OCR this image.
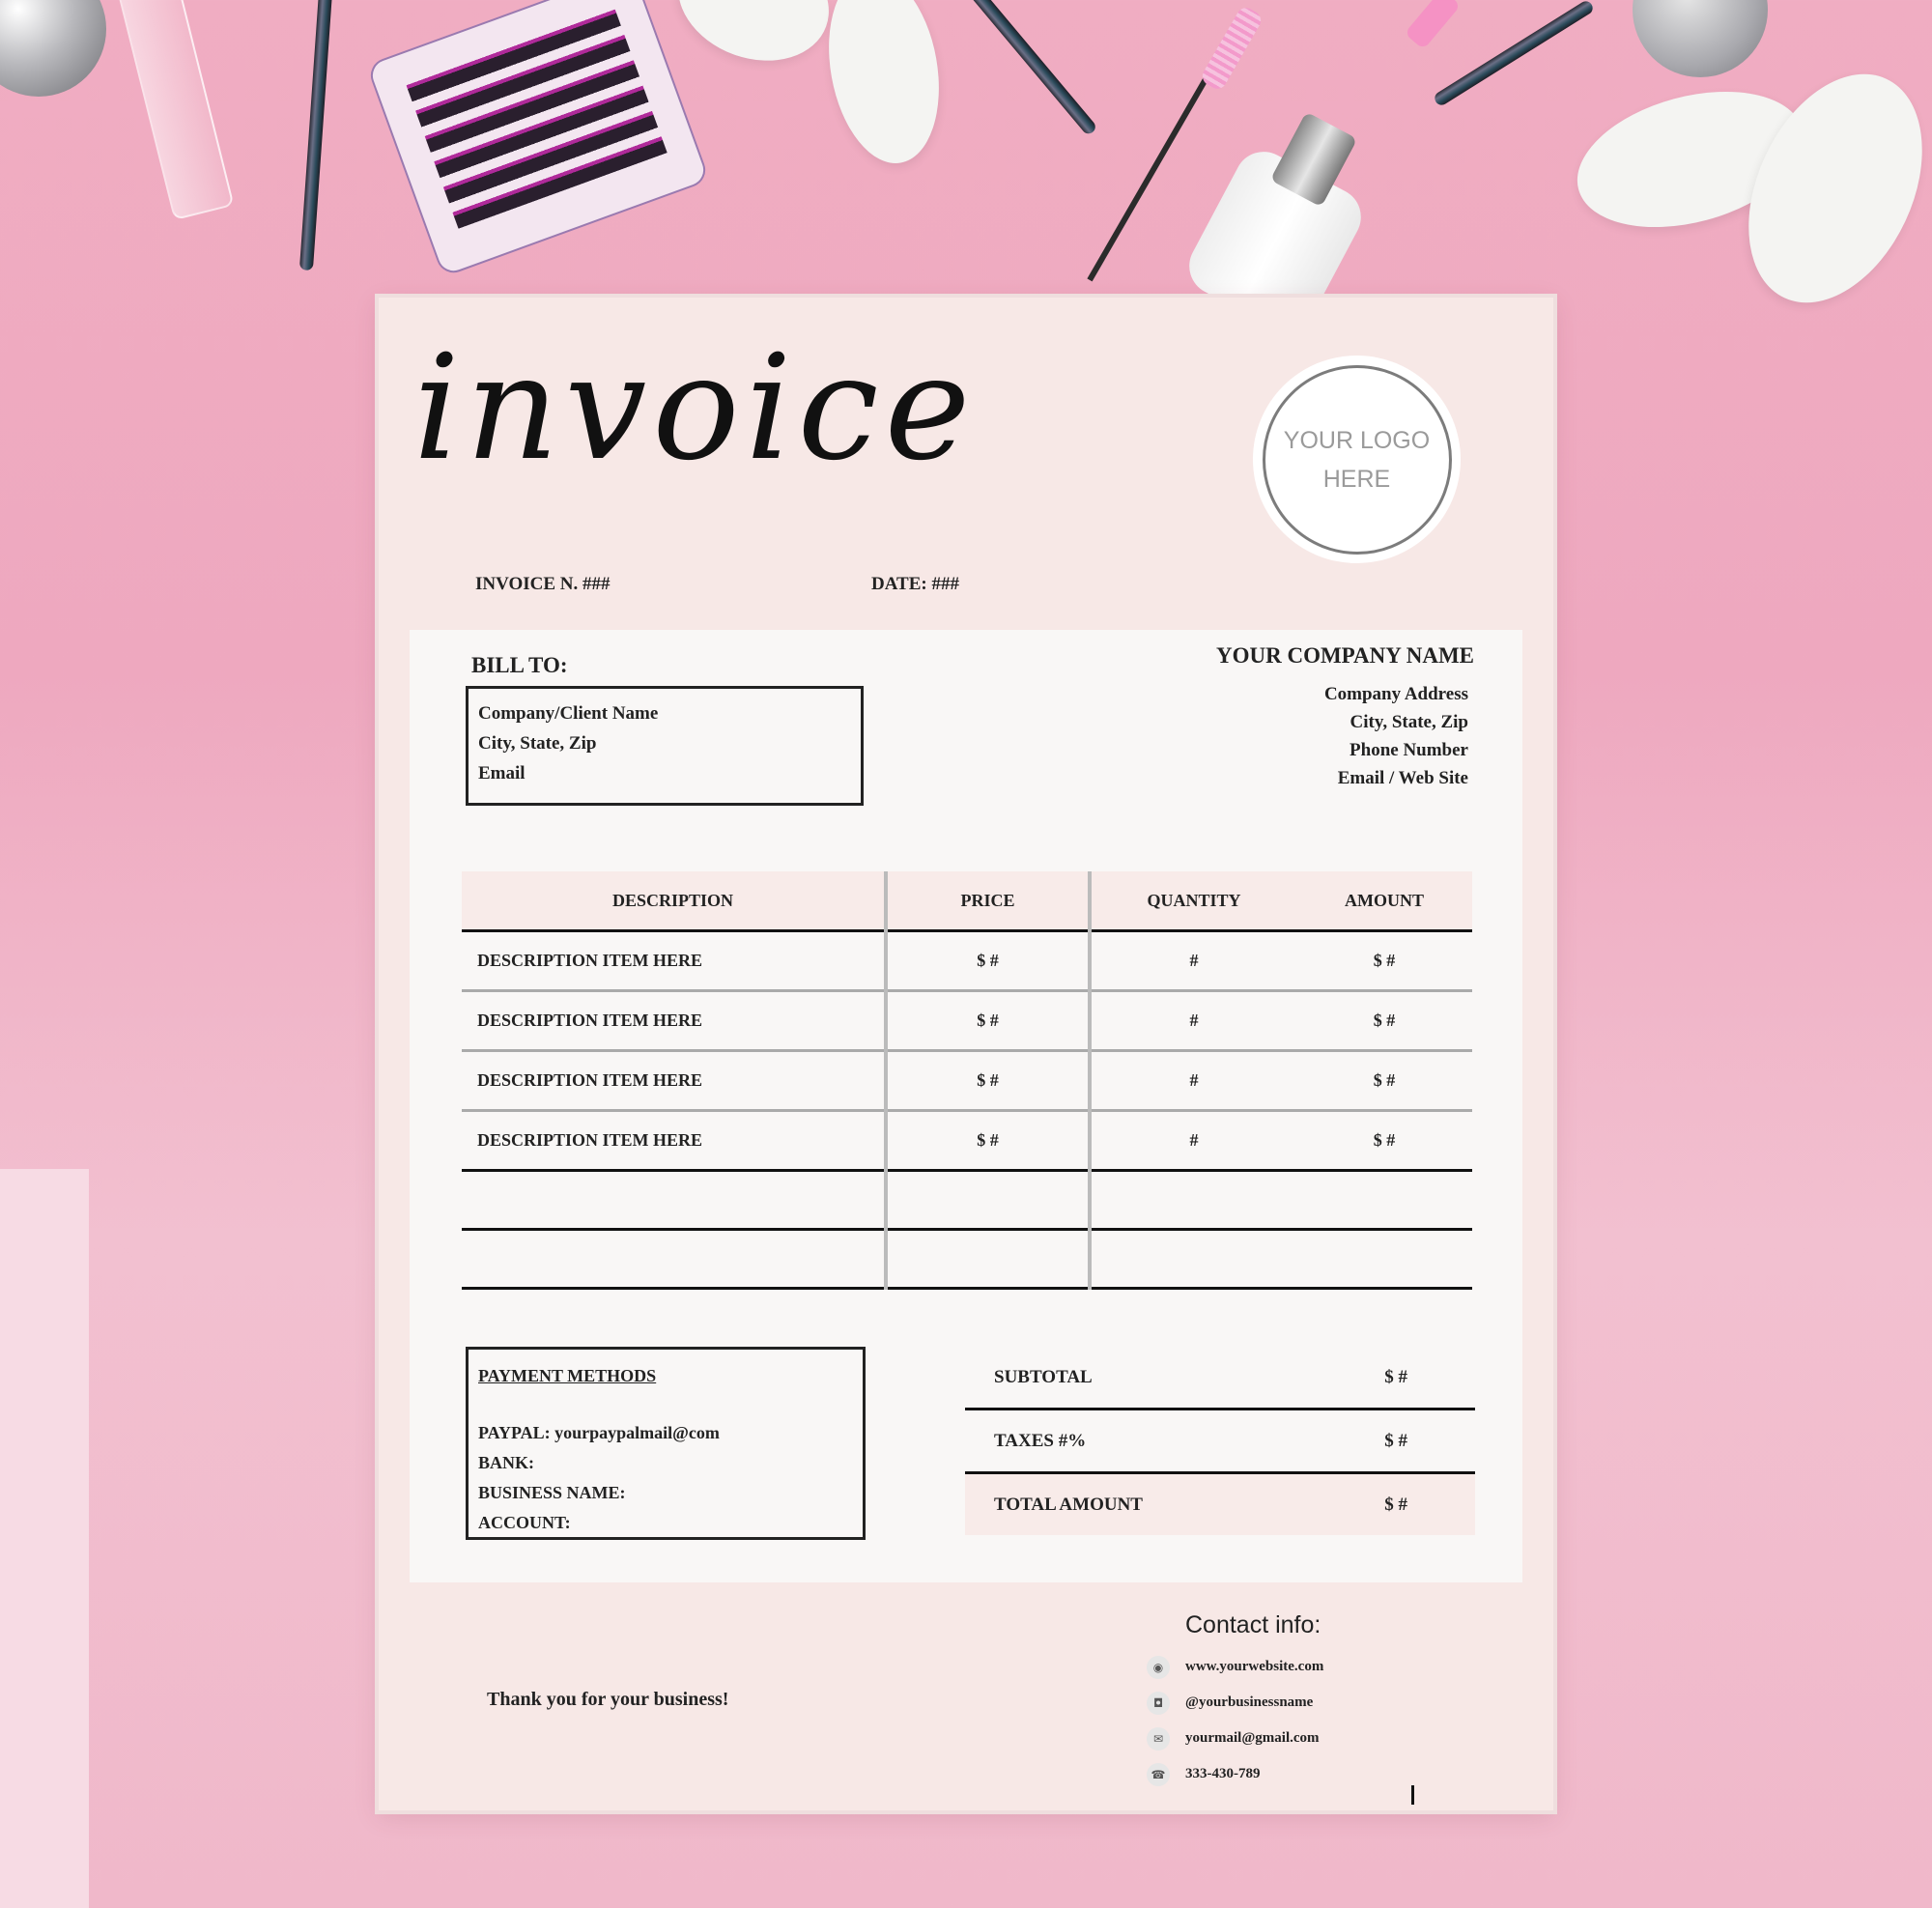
invoice	YOUR LOGO
HERE
INVOICE N. ###	DATE: ###
BILL TO:
Company/Client Name
City, State, Zip
Email
YOUR COMPANY NAME
Company Address
City, State, Zip
Phone Number
Email / Web Site
DESCRIPTION	PRICE	QUANTITY	AMOUNT
DESCRIPTION ITEM HERE	$ #	#	$ #
DESCRIPTION ITEM HERE	$ #	#	$ #
DESCRIPTION ITEM HERE	$ #	#	$ #
DESCRIPTION ITEM HERE	$ #	#	$ #

PAYMENT METHODS
PAYPAL: yourpaypalmail@com
BANK:
BUSINESS NAME:
ACCOUNT:
SUBTOTAL	$ #
TAXES #%	$ #
TOTAL AMOUNT	$ #
Thank you for your business!
Contact info:
◉	www.yourwebsite.com
◘	@yourbusinessname
✉	yourmail@gmail.com
☎	333-430-789
